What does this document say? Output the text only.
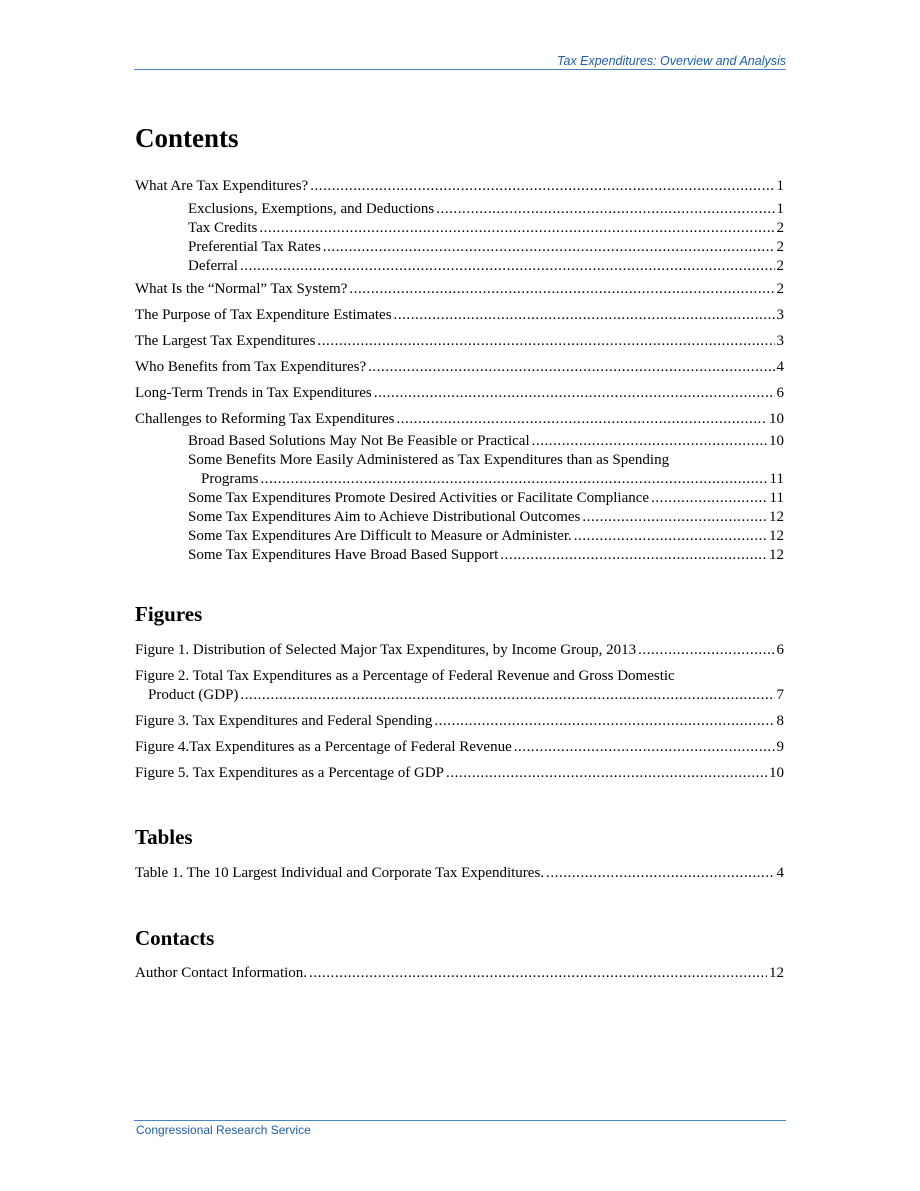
Tax Expenditures: Overview and Analysis
Contents
What Are Tax Expenditures? . . .	1
Exclusions, Exemptions, and Deductions . . .	1
Tax Credits . . .	2
Preferential Tax Rates . . .	2
Deferral . . .	2
What Is the “Normal” Tax System? . . .	2
The Purpose of Tax Expenditure Estimates . . .	3
The Largest Tax Expenditures . . .	3
Who Benefits from Tax Expenditures? . . .	4
Long-Term Trends in Tax Expenditures . . .	6
Challenges to Reforming Tax Expenditures . . .	10
Broad Based Solutions May Not Be Feasible or Practical . . .	10
Some Benefits More Easily Administered as Tax Expenditures than as Spending
Programs . . .	11
Some Tax Expenditures Promote Desired Activities or Facilitate Compliance . . .	11
Some Tax Expenditures Aim to Achieve Distributional Outcomes . . .	12
Some Tax Expenditures Are Difficult to Measure or Administer. . . .	12
Some Tax Expenditures Have Broad Based Support . . .	12
Figures
Figure 1. Distribution of Selected Major Tax Expenditures, by Income Group, 2013 . . .	6
Figure 2. Total Tax Expenditures as a Percentage of Federal Revenue and Gross Domestic
Product (GDP) . . .	7
Figure 3. Tax Expenditures and Federal Spending . . .	8
Figure 4.Tax Expenditures as a Percentage of Federal Revenue . . .	9
Figure 5. Tax Expenditures as a Percentage of GDP . . .	10
Tables
Table 1. The 10 Largest Individual and Corporate Tax Expenditures. . . .	4
Contacts
Author Contact Information. . . .	12
Congressional Research Service
